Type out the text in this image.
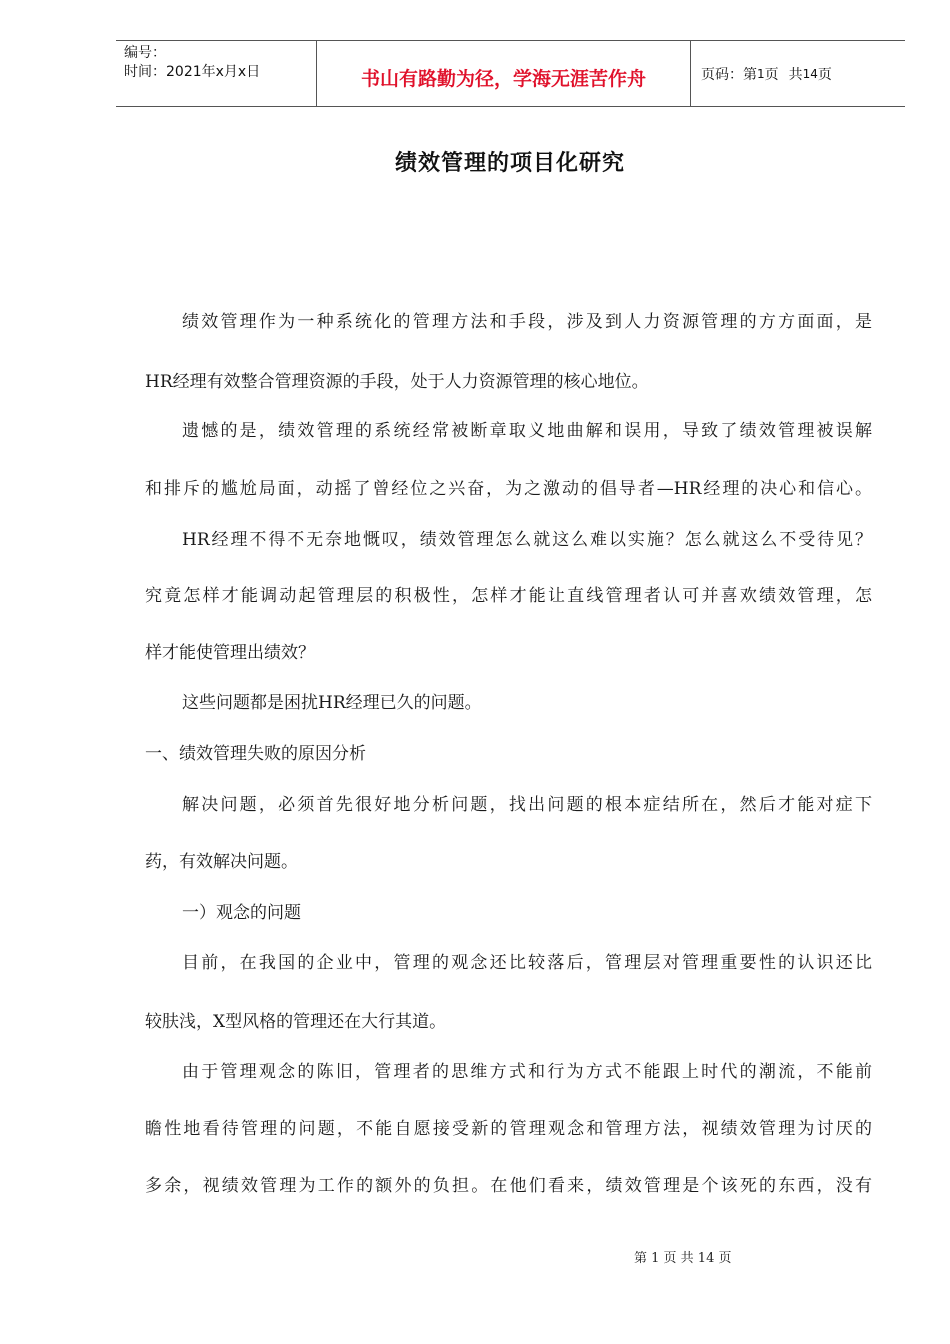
编号：
时间：2021年x月x日	书山有路勤为径，学海无涯苦作舟	页码：第 1 页 共 14 页
绩效管理的项目化研究
绩效管理作为一种系统化的管理方法和手段，涉及到人力资源管理的方方面面，是
HR经理有效整合管理资源的手段，处于人力资源管理的核心地位。
遗憾的是，绩效管理的系统经常被断章取义地曲解和误用，导致了绩效管理被误解
和排斥的尴尬局面，动摇了曾经位之兴奋，为之激动的倡导者—HR经理的决心和信心。
HR经理不得不无奈地慨叹，绩效管理怎么就这么难以实施？怎么就这么不受待见？
究竟怎样才能调动起管理层的积极性，怎样才能让直线管理者认可并喜欢绩效管理，怎
样才能使管理出绩效？
这些问题都是困扰HR经理已久的问题。
一、绩效管理失败的原因分析
解决问题，必须首先很好地分析问题，找出问题的根本症结所在，然后才能对症下
药，有效解决问题。
一）观念的问题
目前，在我国的企业中，管理的观念还比较落后，管理层对管理重要性的认识还比
较肤浅，X型风格的管理还在大行其道。
由于管理观念的陈旧，管理者的思维方式和行为方式不能跟上时代的潮流，不能前
瞻性地看待管理的问题，不能自愿接受新的管理观念和管理方法，视绩效管理为讨厌的
多余，视绩效管理为工作的额外的负担。在他们看来，绩效管理是个该死的东西，没有
第 1 页 共 14 页
